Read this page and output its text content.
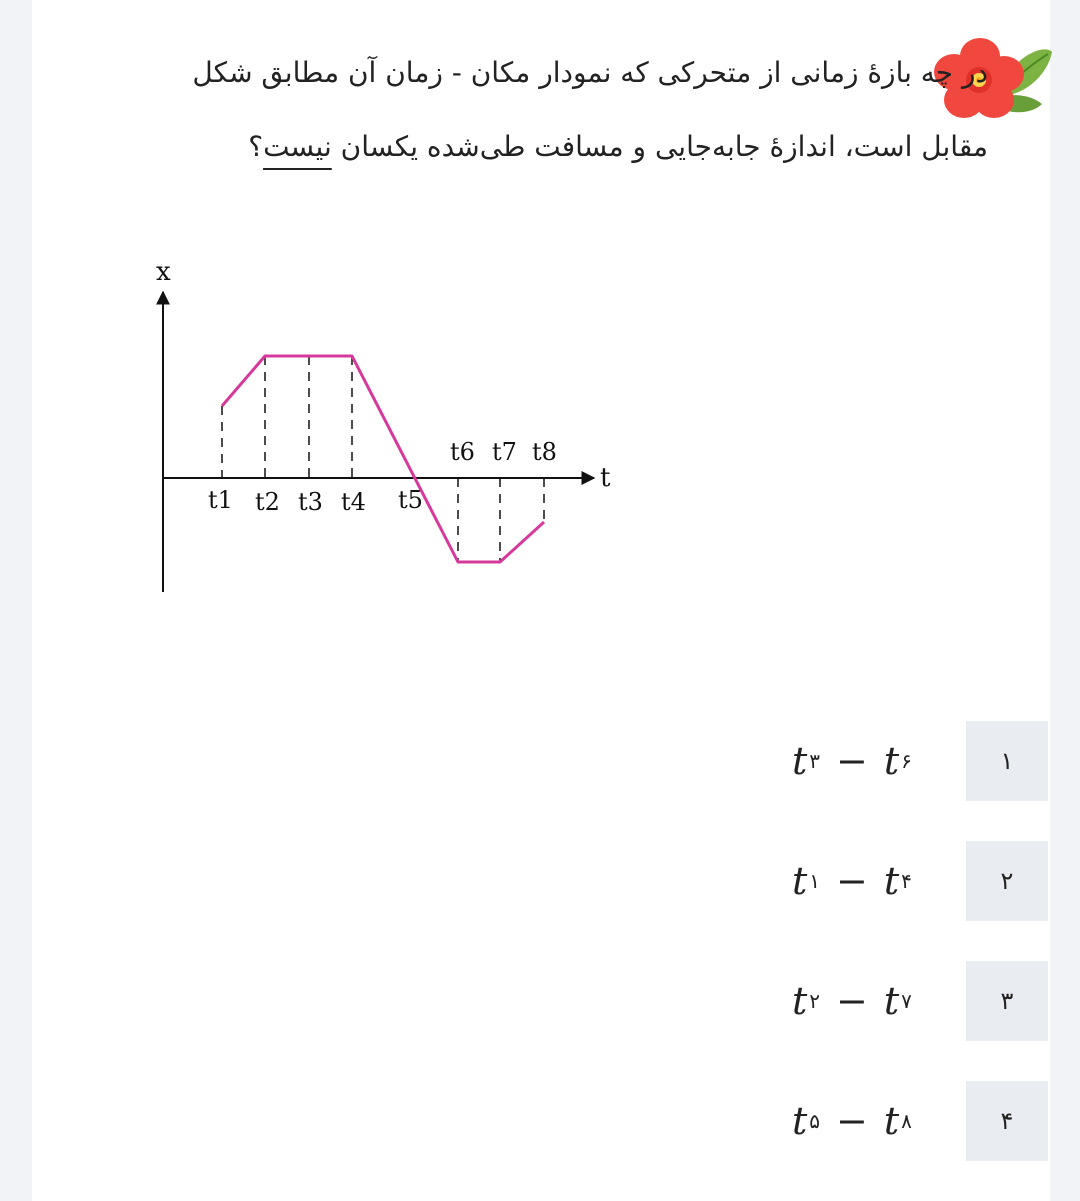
در چه بازهٔ زمانی از متحرکی که نمودار مکان - زمان آن مطابق شکل مقابل است، اندازهٔ جابه‌جایی و مسافت طی‌شده یکسان نیست؟

x
t
t1 t2 t3 t4 t5
t6 t7 t8
t ۳ − t ۶	۱
t ۱ − t ۴	۲
t ۲ − t ۷	۳
t ۵ − t ۸	۴
